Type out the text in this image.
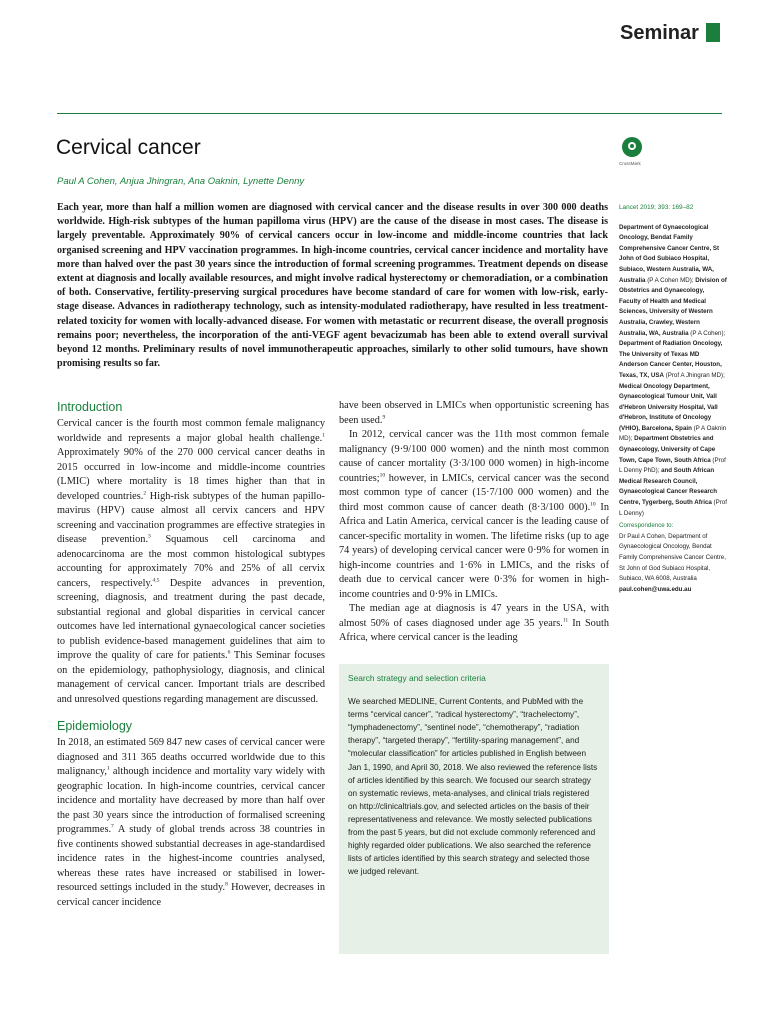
Seminar
Cervical cancer
Paul A Cohen, Anjua Jhingran, Ana Oaknin, Lynette Denny
CrossMark

Each year, more than half a million women are diagnosed with cervical cancer and the disease results in over 300 000 deaths worldwide. High-risk subtypes of the human papilloma virus (HPV) are the cause of the disease in most cases. The disease is largely preventable. Approximately 90% of cervical cancers occur in low-income and middle-income countries that lack organised screening and HPV vaccination programmes. In high-income countries, cervical cancer incidence and mortality have more than halved over the past 30 years since the introduction of formal screening programmes. Treatment depends on disease extent at diagnosis and locally available resources, and might involve radical hysterectomy or chemoradiation, or a combination of both. Conservative, fertility-preserving surgical procedures have become standard of care for women with low-risk, early-stage disease. Advances in radiotherapy technology, such as intensity-modulated radiotherapy, have resulted in less treatment-related toxicity for women with locally-advanced disease. For women with metastatic or recurrent disease, the overall prognosis remains poor; nevertheless, the incorporation of the anti-VEGF agent bevacizumab has been able to extend overall survival beyond 12 months. Preliminary results of novel immunotherapeutic approaches, similarly to other solid tumours, have shown promising results so far.

Lancet 2019; 393: 169–82

Department of Gynaecological Oncology, Bendat Family Comprehensive Cancer Centre, St John of God Subiaco Hospital, Subiaco, Western Australia, WA, Australia (P A Cohen MD); Division of Obstetrics and Gynaecology, Faculty of Health and Medical Sciences, University of Western Australia, Crawley, Western Australia, WA, Australia (P A Cohen); Department of Radiation Oncology, The University of Texas MD Anderson Cancer Center, Houston, Texas, TX, USA (Prof A Jhingran MD); Medical Oncology Department, Gynaecological Tumour Unit, Vall d'Hebron University Hospital, Vall d'Hebron, Institute of Oncology (VHIO), Barcelona, Spain (P A Oaknin MD); Department Obstetrics and Gynaecology, University of Cape Town, Cape Town, South Africa (Prof L Denny PhD); and South African Medical Research Council, Gynaecological Cancer Research Centre, Tygerberg, South Africa (Prof L Denny)

Correspondence to:

Dr Paul A Cohen, Department of Gynaecological Oncology, Bendat Family Comprehensive Cancer Centre, St John of God Subiaco Hospital, Subiaco, WA 6008, Australia

paul.cohen@uwa.edu.au

Introduction

Cervical cancer is the fourth most common female malignancy worldwide and represents a major global health challenge.$^1$ Approximately 90% of the 270 000 cervical cancer deaths in 2015 occurred in low-income and middle-income countries (LMIC) where mortality is 18 times higher than that in developed countries.$^2$ High-risk subtypes of the human papillo-mavirus (HPV) cause almost all cervix cancers and HPV screening and vaccination programmes are effective strategies in disease prevention.$^3$ Squamous cell carcinoma and adenocarcinoma are the most common histological subtypes accounting for approximately 70% and 25% of all cervix cancers, respectively.$^{4,5}$ Despite advances in prevention, screening, diagnosis, and treatment during the past decade, substantial regional and global disparities in cervical cancer outcomes have led international gynaecological cancer societies to publish evidence-based management guidelines that aim to improve the quality of care for patients.$^6$ This Seminar focuses on the epidemiology, pathophysiology, diagnosis, and clinical management of cervical cancer. Important trials are described and unresolved questions regarding management are discussed.

Epidemiology

In 2018, an estimated 569 847 new cases of cervical cancer were diagnosed and 311 365 deaths occurred worldwide due to this malignancy,$^1$ although incidence and mortality vary widely with geographic location. In high-income countries, cervical cancer incidence and mortality have decreased by more than half over the past 30 years since the introduction of formalised screening programmes.$^7$ A study of global trends across 38 countries in five continents showed substantial decreases in age-standardised incidence rates in the highest-income countries analysed, whereas these rates have increased or stabilised in lower-resourced settings included in the study.$^8$ However, decreases in cervical cancer incidence

have been observed in LMICs when opportunistic screening has been used.$^9$

In 2012, cervical cancer was the 11th most common female malignancy (9·9/100 000 women) and the ninth most common cause of cancer mortality (3·3/100 000 women) in high-income countries;$^{10}$ however, in LMICs, cervical cancer was the second most common type of cancer (15·7/100 000 women) and the third most common cause of cancer death (8·3/100 000).$^{10}$ In Africa and Latin America, cervical cancer is the leading cause of cancer-specific mortality in women. The lifetime risks (up to age 74 years) of developing cervical cancer were 0·9% for women in high-income countries and 1·6% in LMICs, and the risks of death due to cervical cancer were 0·3% for women in high-income countries and 0·9% in LMICs.

The median age at diagnosis is 47 years in the USA, with almost 50% of cases diagnosed under age 35 years.$^{11}$ In South Africa, where cervical cancer is the leading

Search strategy and selection criteria

We searched MEDLINE, Current Contents, and PubMed with the terms “cervical cancer”, “radical hysterectomy”, “trachelectomy”, “lymphadenectomy”, “sentinel node”, “chemotherapy”, “radiation therapy”, “targeted therapy”, “fertility-sparing management”, and “molecular classification” for articles published in English between Jan 1, 1990, and April 30, 2018. We also reviewed the reference lists of articles identified by this search. We focused our search strategy on systematic reviews, meta-analyses, and clinical trials registered on http://clinicaltrials.gov, and selected articles on the basis of their representativeness and relevance. We mostly selected publications from the past 5 years, but did not exclude commonly referenced and highly regarded older publications. We also searched the reference lists of articles identified by this search strategy and selected those we judged relevant.
